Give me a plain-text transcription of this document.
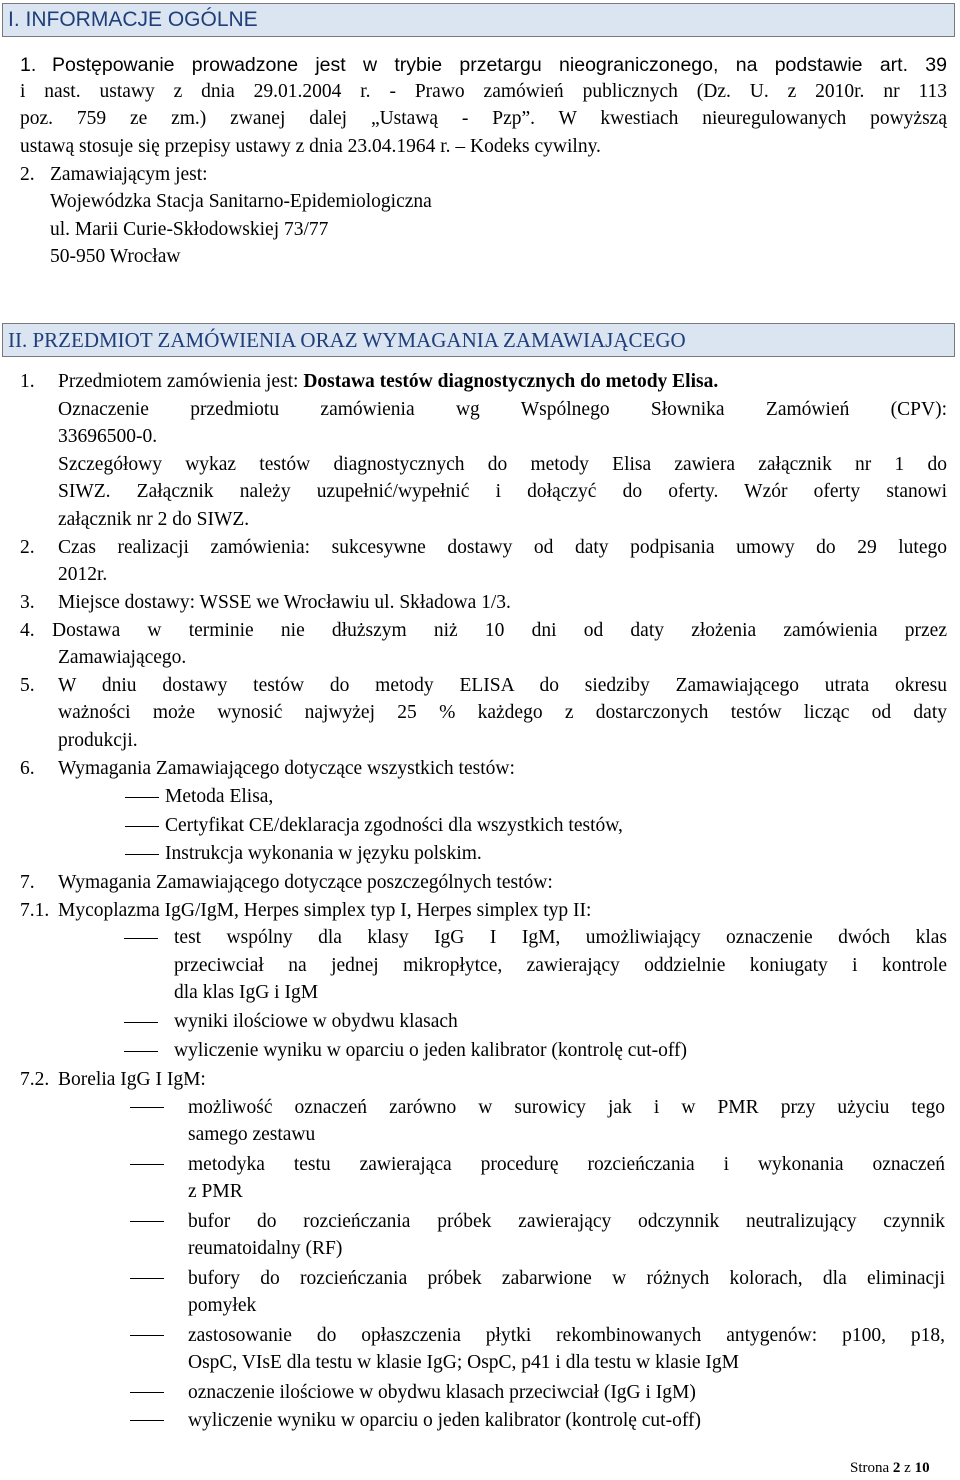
I. INFORMACJE OGÓLNE
1. Postępowanie prowadzone jest w trybie przetargu nieograniczonego, na podstawie art. 39
i nast. ustawy z dnia 29.01.2004 r. - Prawo zamówień publicznych (Dz. U. z 2010r. nr 113
poz. 759 ze zm.) zwanej dalej „Ustawą - Pzp”. W kwestiach nieuregulowanych powyższą
ustawą stosuje się przepisy ustawy z dnia 23.04.1964 r. – Kodeks cywilny.
2. Zamawiającym jest:
Wojewódzka Stacja Sanitarno-Epidemiologiczna
ul. Marii Curie-Skłodowskiej 73/77
50-950 Wrocław
II. PRZEDMIOT ZAMÓWIENIA ORAZ WYMAGANIA ZAMAWIAJĄCEGO
1. Przedmiotem zamówienia jest: Dostawa testów diagnostycznych do metody Elisa.
Oznaczenie przedmiotu zamówienia wg Wspólnego Słownika Zamówień (CPV):
33696500-0.
Szczegółowy wykaz testów diagnostycznych do metody Elisa zawiera załącznik nr 1 do
SIWZ. Załącznik należy uzupełnić/wypełnić i dołączyć do oferty. Wzór oferty stanowi
załącznik nr 2 do SIWZ.
2. Czas realizacji zamówienia: sukcesywne dostawy od daty podpisania umowy do 29 lutego
2012r.
3. Miejsce dostawy: WSSE we Wrocławiu ul. Składowa 1/3.
4. Dostawa w terminie nie dłuższym niż 10 dni od daty złożenia zamówienia przez
Zamawiającego.
5. W dniu dostawy testów do metody ELISA do siedziby Zamawiającego utrata okresu
ważności może wynosić najwyżej 25 % każdego z dostarczonych testów licząc od daty
produkcji.
6. Wymagania Zamawiającego dotyczące wszystkich testów:
Metoda Elisa,
Certyfikat CE/deklaracja zgodności dla wszystkich testów,
Instrukcja wykonania w języku polskim.
7. Wymagania Zamawiającego dotyczące poszczególnych testów:
7.1. Mycoplazma IgG/IgM, Herpes simplex typ I, Herpes simplex typ II:
test wspólny dla klasy IgG I IgM, umożliwiający oznaczenie dwóch klas
przeciwciał na jednej mikropłytce, zawierający oddzielnie koniugaty i kontrole
dla klas IgG i IgM
wyniki ilościowe w obydwu klasach
wyliczenie wyniku w oparciu o jeden kalibrator (kontrolę cut-off)
7.2. Borelia IgG I IgM:
możliwość oznaczeń zarówno w surowicy jak i w PMR przy użyciu tego
samego zestawu
metodyka testu zawierająca procedurę rozcieńczania i wykonania oznaczeń
z PMR
bufor do rozcieńczania próbek zawierający odczynnik neutralizujący czynnik
reumatoidalny (RF)
bufory do rozcieńczania próbek zabarwione w różnych kolorach, dla eliminacji
pomyłek
zastosowanie do opłaszczenia płytki rekombinowanych antygenów: p100, p18,
OspC, VIsE dla testu w klasie IgG; OspC, p41 i dla testu w klasie IgM
oznaczenie ilościowe w obydwu klasach przeciwciał (IgG i IgM)
wyliczenie wyniku w oparciu o jeden kalibrator (kontrolę cut-off)
Strona 2 z 10
